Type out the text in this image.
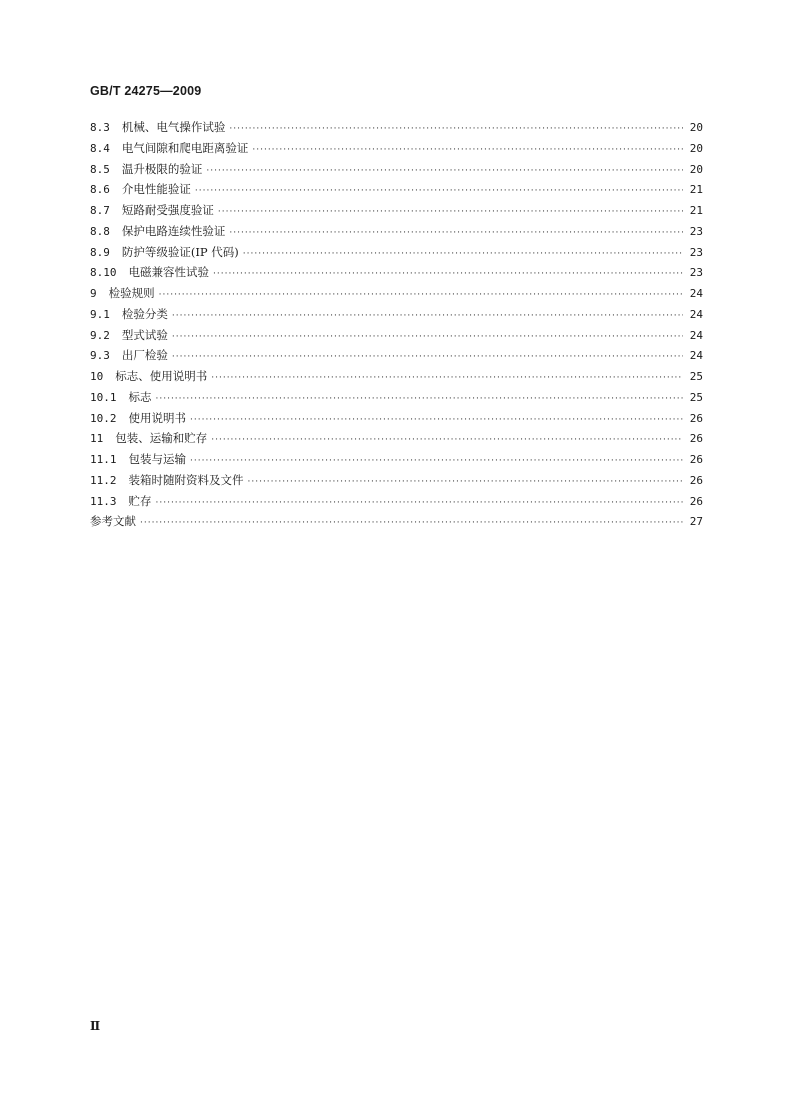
GB/T 24275—2009
8.3 机械、电气操作试验 ·····	20
8.4 电气间隙和爬电距离验证 ·····	20
8.5 温升极限的验证 ·····	20
8.6 介电性能验证 ·····	21
8.7 短路耐受强度验证 ·····	21
8.8 保护电路连续性验证 ·····	23
8.9 防护等级验证(IP 代码) ·····	23
8.10 电磁兼容性试验 ·····	23
9 检验规则 ·····	24
9.1 检验分类 ·····	24
9.2 型式试验 ·····	24
9.3 出厂检验 ·····	24
10 标志、使用说明书 ·····	25
10.1 标志 ·····	25
10.2 使用说明书 ·····	26
11 包装、运输和贮存 ·····	26
11.1 包装与运输 ·····	26
11.2 装箱时随附资料及文件 ·····	26
11.3 贮存 ·····	26
参考文献 ·····	27
Ⅱ
